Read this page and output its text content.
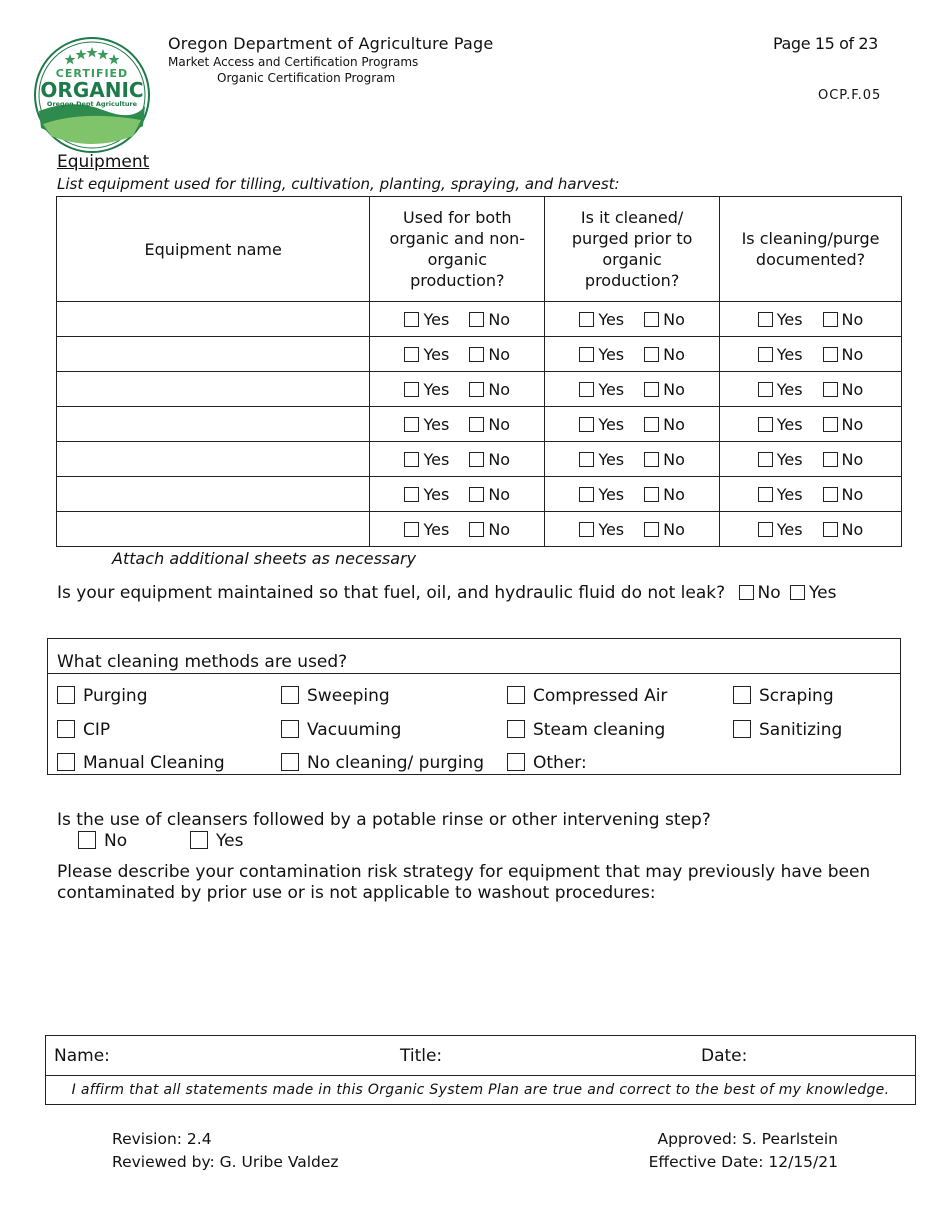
CERTIFIED
ORGANIC
Oregon Dept Agriculture
Oregon Department of Agriculture Page
Market Access and Certification Programs
Organic Certification Program
Page 15 of 23
OCP.F.05
Equipment
List equipment used for tilling, cultivation, planting, spraying, and harvest:
Equipment name	Used for both organic and non-organic production?	Is it cleaned/ purged prior to organic production?	Is cleaning/purge documented?

	Yes No	Yes No	Yes No
	Yes No	Yes No	Yes No
	Yes No	Yes No	Yes No
	Yes No	Yes No	Yes No
	Yes No	Yes No	Yes No
	Yes No	Yes No	Yes No
	Yes No	Yes No	Yes No
Attach additional sheets as necessary
Is your equipment maintained so that fuel, oil, and hydraulic fluid do not leak? No Yes
What cleaning methods are used?
Purging	Sweeping	Compressed Air	Scraping
CIP	Vacuuming	Steam cleaning	Sanitizing
Manual Cleaning	No cleaning/ purging	Other:
Is the use of cleansers followed by a potable rinse or other intervening step?
No	Yes
Please describe your contamination risk strategy for equipment that may previously have been contaminated by prior use or is not applicable to washout procedures:
Name:	Title:	Date:
I affirm that all statements made in this Organic System Plan are true and correct to the best of my knowledge.
Revision: 2.4
Reviewed by: G. Uribe Valdez
Approved: S. Pearlstein
Effective Date: 12/15/21
